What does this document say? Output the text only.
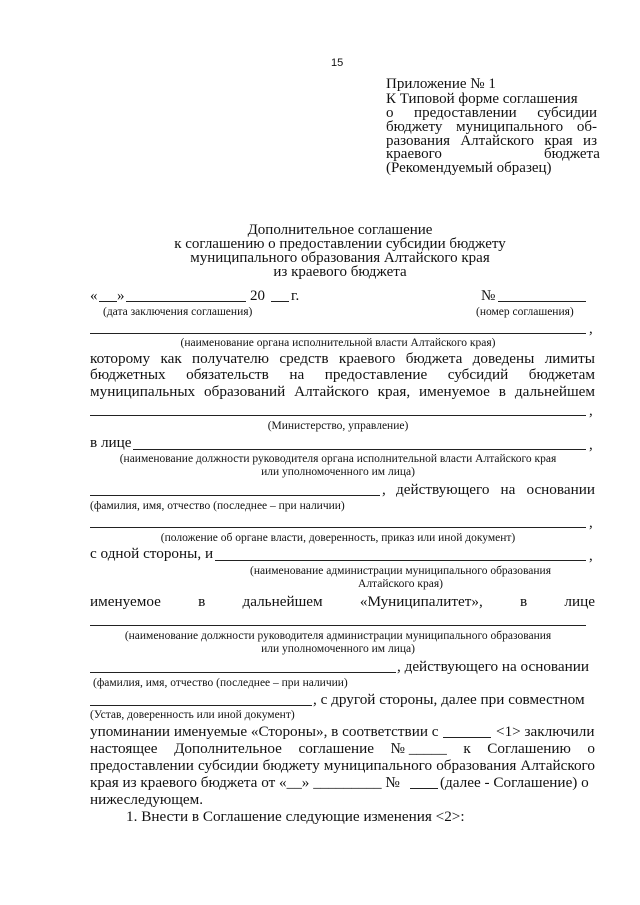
15
Приложение № 1
К Типовой форме соглашения
о предоставлении субсидии
бюджету муниципального об-
разования Алтайского края из
краевого	бюджета
(Рекомендуемый образец)
Дополнительное соглашение
к соглашению о предоставлении субсидии бюджету
муниципального образования Алтайского края
из краевого бюджета
« »	20 г.	№
(дата заключения соглашения)	(номер соглашения)
,
(наименование органа исполнительной власти Алтайского края)
которому как получателю средств краевого бюджета доведены лимиты
бюджетных обязательств на предоставление субсидий бюджетам
муниципальных образований Алтайского края, именуемое в дальнейшем
,
(Министерство, управление)
в лице	,
(наименование должности руководителя органа исполнительной власти Алтайского края
или уполномоченного им лица)
, действующего на основании
(фамилия, имя, отчество (последнее – при наличии)
,
(положение об органе власти, доверенность, приказ или иной документ)
с одной стороны, и	,
(наименование администрации муниципального образования
Алтайского края)
именуемое в дальнейшем «Муниципалитет», в лице
(наименование должности руководителя администрации муниципального образования
или уполномоченного им лица)
, действующего на основании
(фамилия, имя, отчество (последнее – при наличии)
, с другой стороны, далее при совместном
(Устав, доверенность или иной документ)
упоминании именуемые «Стороны», в соответствии с	<1> заключили
настоящее Дополнительное соглашение № _____ к Соглашению о
предоставлении субсидии бюджету муниципального образования Алтайского
края из краевого бюджета от «__» _________ №	(далее - Соглашение) о
нижеследующем.
1. Внести в Соглашение следующие изменения <2>:
